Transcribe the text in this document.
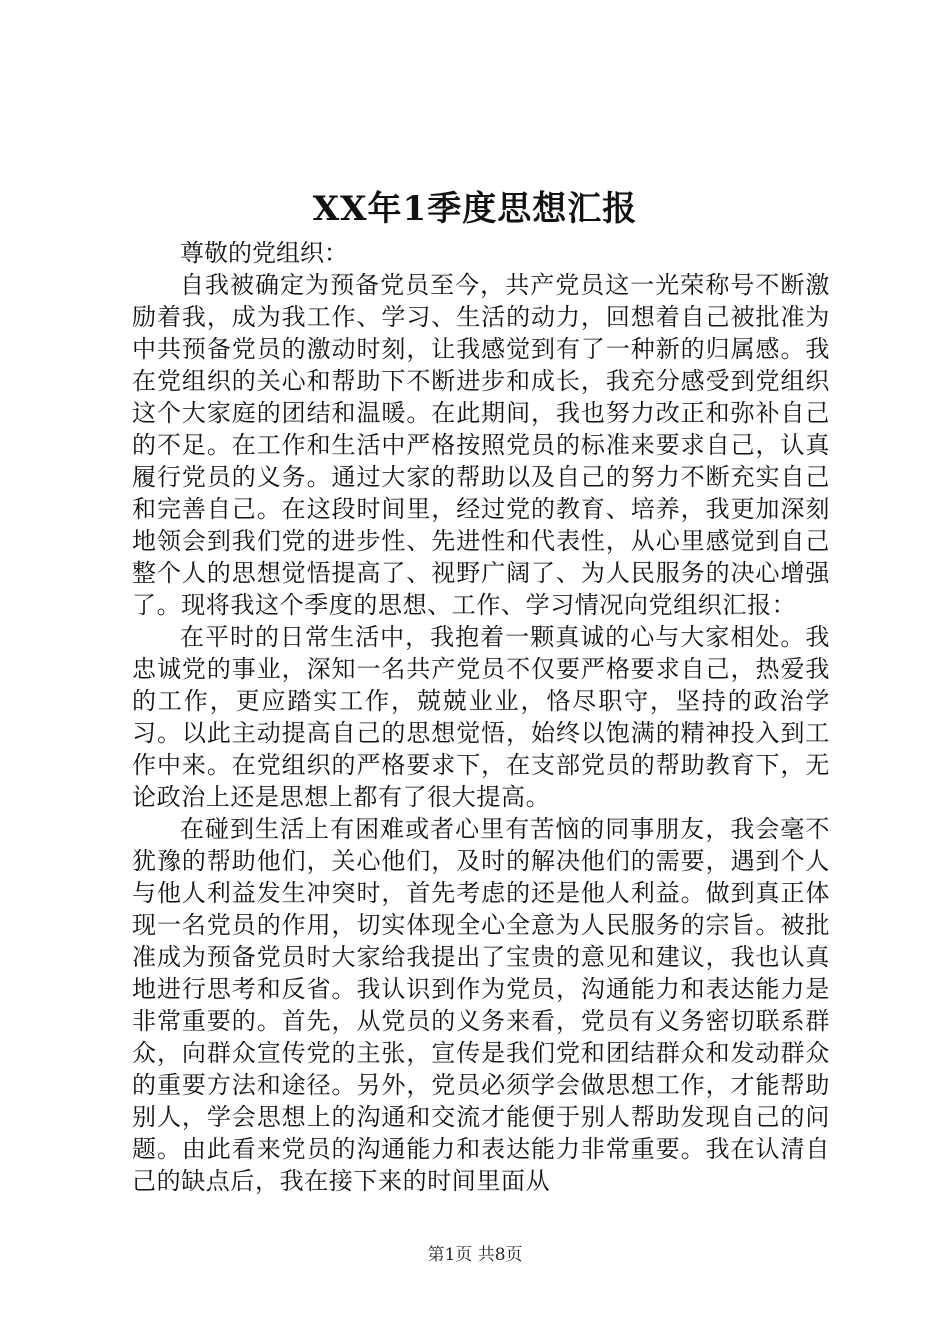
XX年1季度思想汇报

尊敬的党组织：

自我被确定为预备党员至今，共产党员这一光荣称号不断激励着我，成为我工作、学习、生活的动力，回想着自己被批准为中共预备党员的激动时刻，让我感觉到有了一种新的归属感。我在党组织的关心和帮助下不断进步和成长，我充分感受到党组织这个大家庭的团结和温暖。在此期间，我也努力改正和弥补自己的不足。在工作和生活中严格按照党员的标准来要求自己，认真履行党员的义务。通过大家的帮助以及自己的努力不断充实自己和完善自己。在这段时间里，经过党的教育、培养，我更加深刻地领会到我们党的进步性、先进性和代表性，从心里感觉到自己整个人的思想觉悟提高了、视野广阔了、为人民服务的决心增强了。现将我这个季度的思想、工作、学习情况向党组织汇报：

在平时的日常生活中，我抱着一颗真诚的心与大家相处。我忠诚党的事业，深知一名共产党员不仅要严格要求自己，热爱我的工作，更应踏实工作，兢兢业业，恪尽职守，坚持的政治学习。以此主动提高自己的思想觉悟，始终以饱满的精神投入到工作中来。在党组织的严格要求下，在支部党员的帮助教育下，无论政治上还是思想上都有了很大提高。

在碰到生活上有困难或者心里有苦恼的同事朋友，我会毫不犹豫的帮助他们，关心他们，及时的解决他们的需要，遇到个人与他人利益发生冲突时，首先考虑的还是他人利益。做到真正体现一名党员的作用，切实体现全心全意为人民服务的宗旨。被批准成为预备党员时大家给我提出了宝贵的意见和建议，我也认真地进行思考和反省。我认识到作为党员，沟通能力和表达能力是非常重要的。首先，从党员的义务来看，党员有义务密切联系群众，向群众宣传党的主张，宣传是我们党和团结群众和发动群众的重要方法和途径。另外，党员必须学会做思想工作，才能帮助别人，学会思想上的沟通和交流才能便于别人帮助发现自己的问题。由此看来党员的沟通能力和表达能力非常重要。我在认清自己的缺点后，我在接下来的时间里面从

第1页 共8页
